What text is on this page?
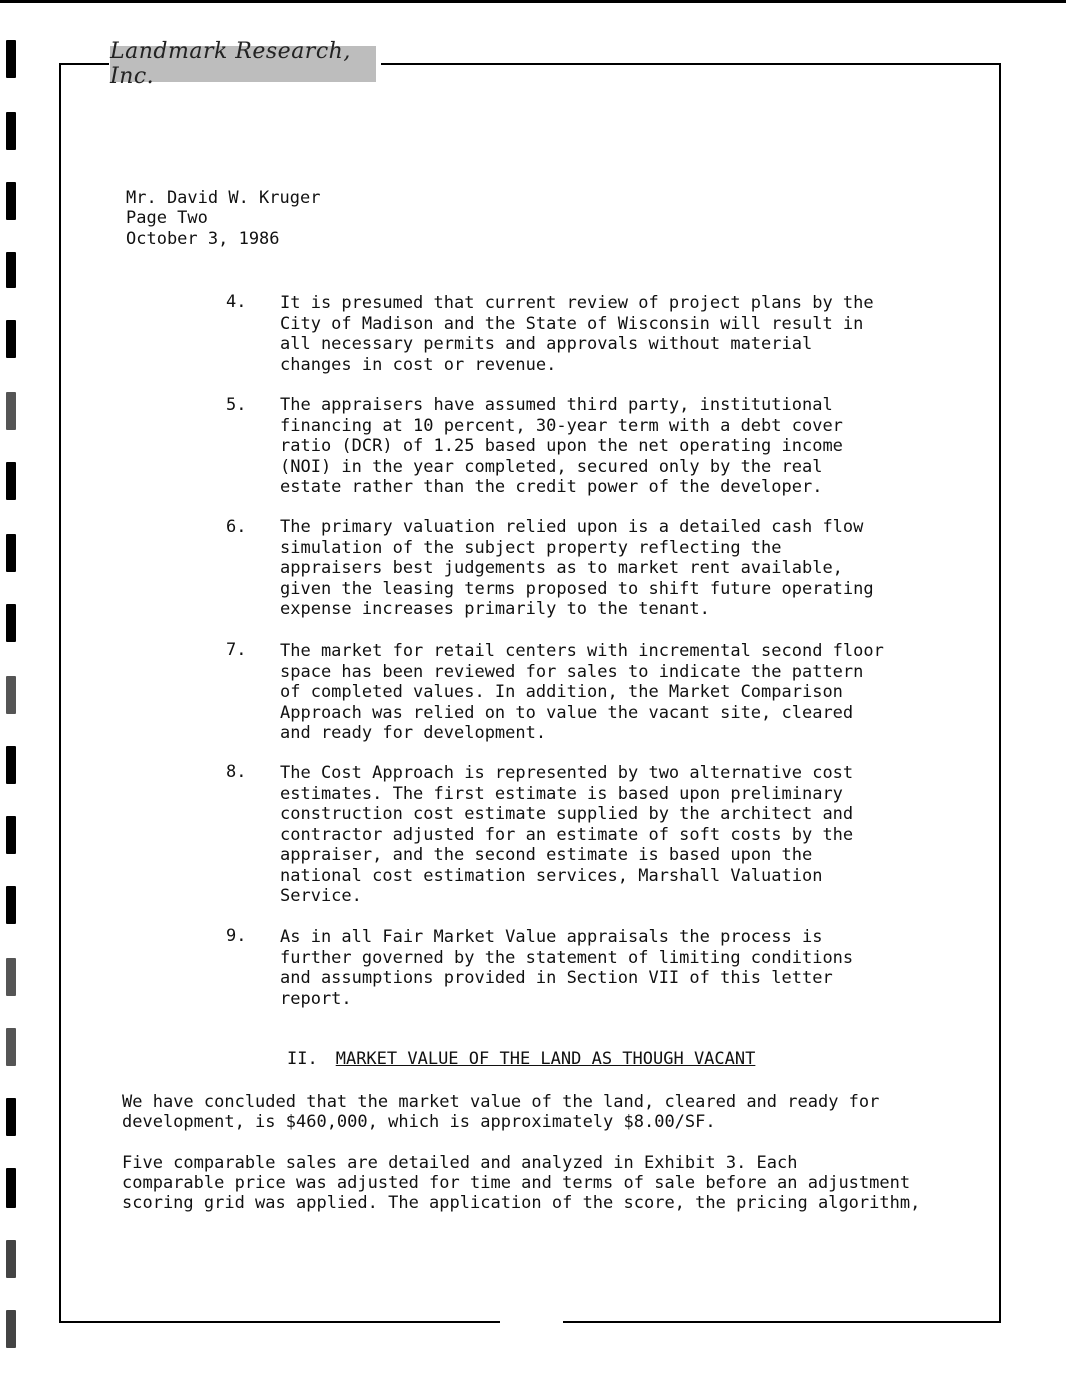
Landmark Research, Inc.
Mr. David W. Kruger
Page Two
October 3, 1986
4. It is presumed that current review of project plans by the
City of Madison and the State of Wisconsin will result in
all necessary permits and approvals without material
changes in cost or revenue.
5. The appraisers have assumed third party, institutional
financing at 10 percent, 30-year term with a debt cover
ratio (DCR) of 1.25 based upon the net operating income
(NOI) in the year completed, secured only by the real
estate rather than the credit power of the developer.
6. The primary valuation relied upon is a detailed cash flow
simulation of the subject property reflecting the
appraisers best judgements as to market rent available,
given the leasing terms proposed to shift future operating
expense increases primarily to the tenant.
7. The market for retail centers with incremental second floor
space has been reviewed for sales to indicate the pattern
of completed values. In addition, the Market Comparison
Approach was relied on to value the vacant site, cleared
and ready for development.
8. The Cost Approach is represented by two alternative cost
estimates. The first estimate is based upon preliminary
construction cost estimate supplied by the architect and
contractor adjusted for an estimate of soft costs by the
appraiser, and the second estimate is based upon the
national cost estimation services, Marshall Valuation
Service.
9. As in all Fair Market Value appraisals the process is
further governed by the statement of limiting conditions
and assumptions provided in Section VII of this letter
report.
II. MARKET VALUE OF THE LAND AS THOUGH VACANT
We have concluded that the market value of the land, cleared and ready for
development, is $460,000, which is approximately $8.00/SF.
Five comparable sales are detailed and analyzed in Exhibit 3. Each
comparable price was adjusted for time and terms of sale before an adjustment
scoring grid was applied. The application of the score, the pricing algorithm,
